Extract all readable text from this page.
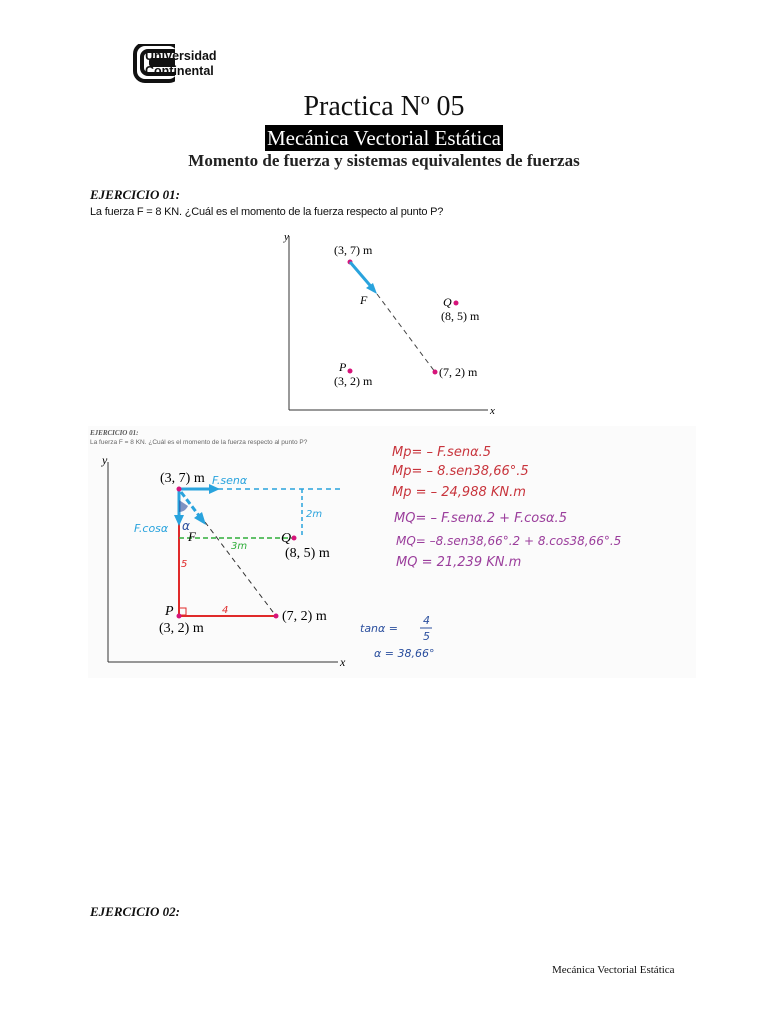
Universidad
Continental
Practica Nº 05
Mecánica Vectorial Estática
Momento de fuerza y sistemas equivalentes de fuerzas
EJERCICIO 01:
La fuerza F = 8 KN. ¿Cuál es el momento de la fuerza respecto al punto P?
y
x
(3, 7) m
F	Q
(8, 5) m
(7, 2) m
P
(3, 2) m
EJERCICIO 01:
La fuerza F = 8 KN. ¿Cuál es el momento de la fuerza respecto al punto P?
y
x
(3, 7) m F.senα
F.cosα α
F
2m
3m
5
4
Q
(8, 5) m
P
(3, 2) m
(7, 2) m
Mp= – F.senα.5
Mp= – 8.sen38,66°.5
Mp = – 24,988 KN.m
MQ= – F.senα.2 + F.cosα.5
MQ= –8.sen38,66°.2 + 8.cos38,66°.5
MQ = 21,239 KN.m
tanα =
4
5
α = 38,66°
EJERCICIO 02:
Mecánica Vectorial Estática
